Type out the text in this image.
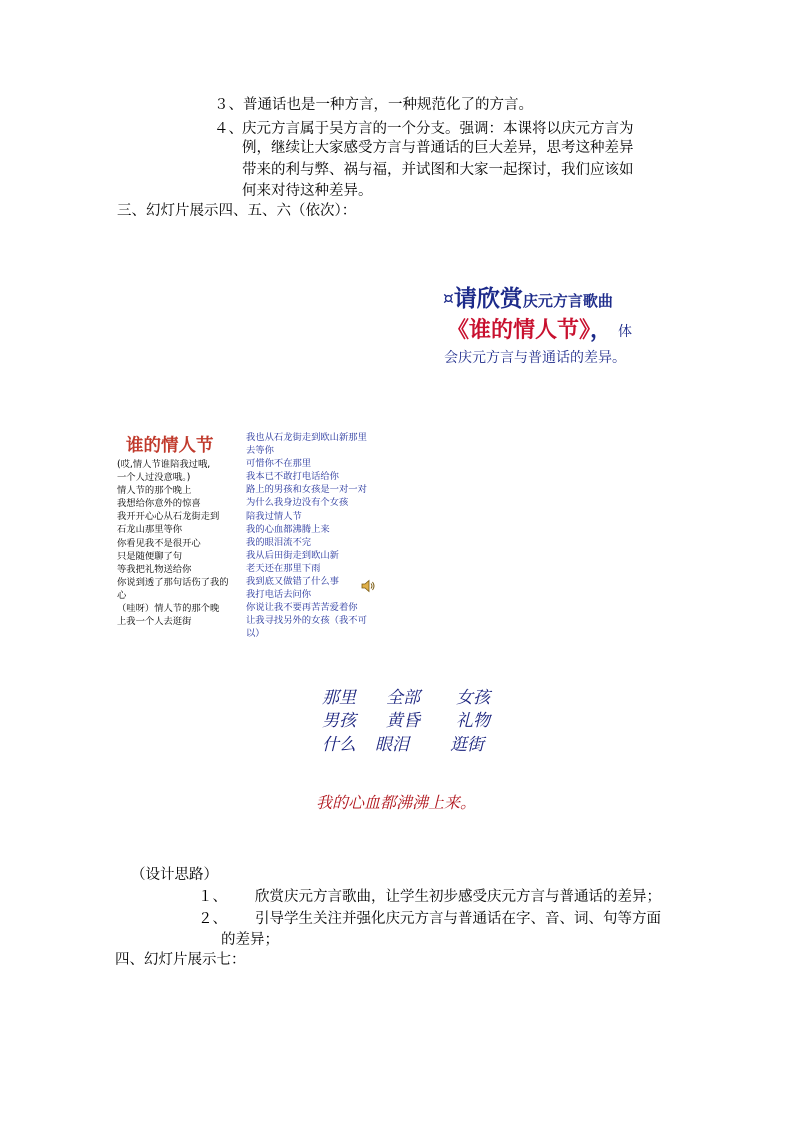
３、普通话也是一种方言，一种规范化了的方言。
４、 庆元方言属于吴方言的一个分支。强调：本课将以庆元方言为
例，继续让大家感受方言与普通话的巨大差异，思考这种差异
带来的利与弊、祸与福，并试图和大家一起探讨，我们应该如
何来对待这种差异。
三、幻灯片展示四、五、六（依次）：
¤请欣赏庆元方言歌曲
《谁的情人节》， 体
会庆元方言与普通话的差异。
谁的情人节
(哎,情人节谁陪我过哦,
一个人过没意哦。)
情人节的那个晚上
我想给你意外的惊喜
我开开心心从石龙街走到
石龙山那里等你
你看见我不是很开心
只是随便聊了句
等我把礼物送给你
你说到透了那句话伤了我的 心
（哇呀）情人节的那个晚
上我一个人去逛街
我也从石龙街走到欧山新那里
去等你
可惜你不在那里
我本已不敢打电话给你
路上的男孩和女孩是一对一对
为什么我身边没有个女孩
陪我过情人节
我的心血都沸腾上来
我的眼泪流不完
我从后田街走到欧山新
老天还在那里下雨
我到底又做错了什么事
我打电话去问你
你说让我不要再苦苦爱着你
让我寻找另外的女孩（我不可
以）
那里 全部 女孩
男孩 黄昏 礼物
什么 眼泪 逛街
我的心血都沸沸上来。
（设计思路）
１、 欣赏庆元方言歌曲，让学生初步感受庆元方言与普通话的差异；
２、 引导学生关注并强化庆元方言与普通话在字、音、词、句等方面
的差异；
四、幻灯片展示七：
